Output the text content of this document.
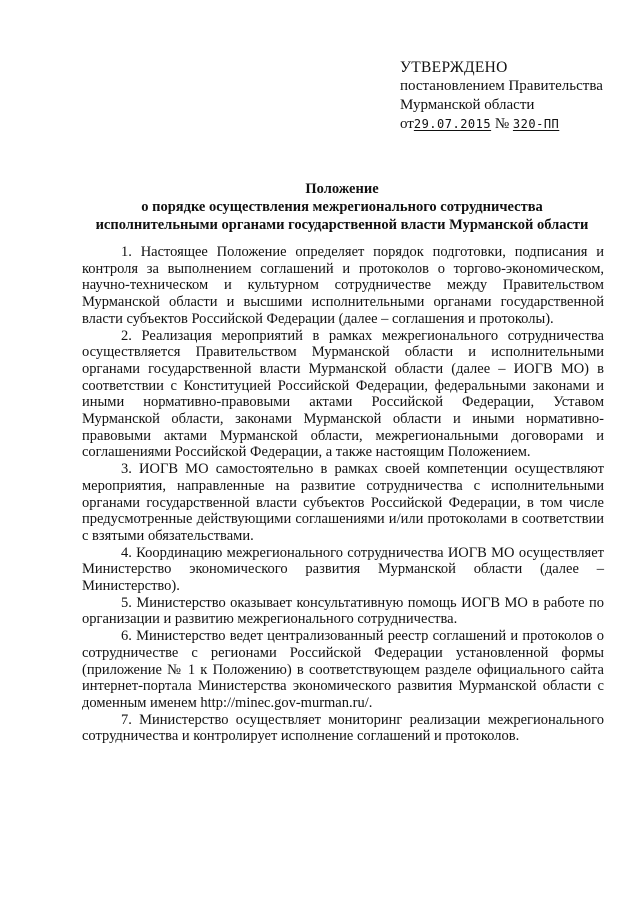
УТВЕРЖДЕНО
постановлением Правительства
Мурманской области
от29.07.2015 № 320-ПП
Положение
о порядке осуществления межрегионального сотрудничества
исполнительными органами государственной власти Мурманской области

1. Настоящее Положение определяет порядок подготовки, подписания и контроля за выполнением соглашений и протоколов о торгово-экономическом, научно-техническом и культурном сотрудничестве между Правительством Мурманской области и высшими исполнительными органами государственной власти субъектов Российской Федерации (далее – соглашения и протоколы).

2. Реализация мероприятий в рамках межрегионального сотрудничества осуществляется Правительством Мурманской области и исполнительными органами государственной власти Мурманской области (далее – ИОГВ МО) в соответствии с Конституцией Российской Федерации, федеральными законами и иными нормативно-правовыми актами Российской Федерации, Уставом Мурманской области, законами Мурманской области и иными нормативно-правовыми актами Мурманской области, межрегиональными договорами и соглашениями Российской Федерации, а также настоящим Положением.

3. ИОГВ МО самостоятельно в рамках своей компетенции осуществляют мероприятия, направленные на развитие сотрудничества с исполнительными органами государственной власти субъектов Российской Федерации, в том числе предусмотренные действующими соглашениями и/или протоколами в соответствии с взятыми обязательствами.

4. Координацию межрегионального сотрудничества ИОГВ МО осуществляет Министерство экономического развития Мурманской области (далее – Министерство).

5. Министерство оказывает консультативную помощь ИОГВ МО в работе по организации и развитию межрегионального сотрудничества.

6. Министерство ведет централизованный реестр соглашений и протоколов о сотрудничестве с регионами Российской Федерации установленной формы (приложение № 1 к Положению) в соответствующем разделе официального сайта интернет-портала Министерства экономического развития Мурманской области с доменным именем http://minec.gov-murman.ru/.

7. Министерство осуществляет мониторинг реализации межрегионального сотрудничества и контролирует исполнение соглашений и протоколов.
